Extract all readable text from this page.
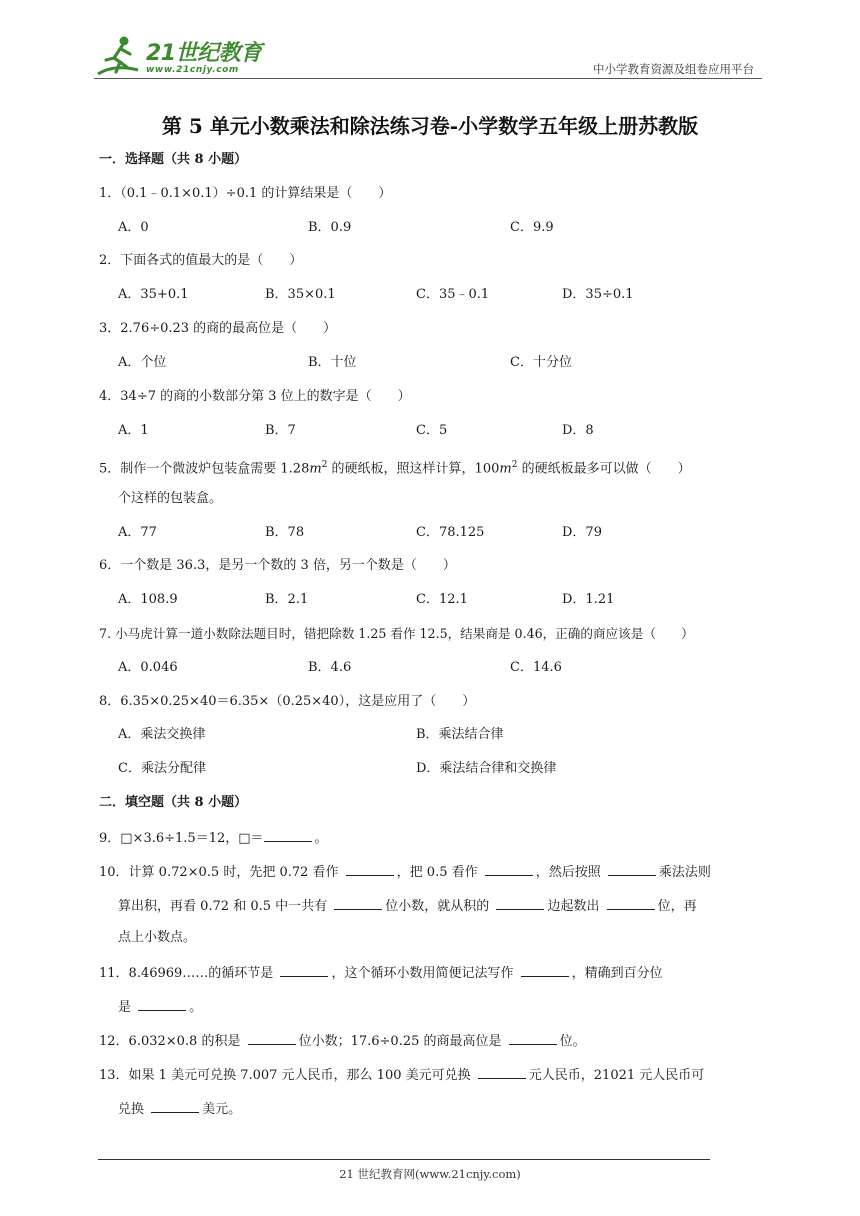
21世纪教育
www.21cnjy.com	中小学教育资源及组卷应用平台
第 5 单元小数乘法和除法练习卷-小学数学五年级上册苏教版
一．选择题（共 8 小题）
1．（0.1﹣0.1×0.1）÷0.1 的计算结果是（　　）
A．0	B．0.9	C．9.9
2．下面各式的值最大的是（　　）
A．35+0.1	B．35×0.1	C．35﹣0.1	D．35÷0.1
3．2.76÷0.23 的商的最高位是（　　）
A．个位	B．十位	C．十分位
4．34÷7 的商的小数部分第 3 位上的数字是（　　）
A．1	B．7	C．5	D．8
5．制作一个微波炉包装盒需要 $1.28m^2$ 的硬纸板，照这样计算，$100m^2$ 的硬纸板最多可以做（　　）
个这样的包装盒。
A．77	B．78	C．78.125	D．79
6．一个数是 36.3，是另一个数的 3 倍，另一个数是（　　）
A．108.9	B．2.1	C．12.1	D．1.21
7. 小马虎计算一道小数除法题目时，错把除数 1.25 看作 12.5，结果商是 0.46，正确的商应该是（　　）
A．0.046	B．4.6	C．14.6
8．6.35×0.25×40＝6.35×（0.25×40），这是应用了（　　）
A．乘法交换律	B．乘法结合律
C．乘法分配律	D．乘法结合律和交换律
二．填空题（共 8 小题）
9．□×3.6÷1.5＝12，□＝	。
10．计算 0.72×0.5 时，先把 0.72 看作	，把 0.5 看作	，然后按照	乘法法则
算出积，再看 0.72 和 0.5 中一共有	位小数，就从积的	边起数出	位，再
点上小数点。
11．8.46969……的循环节是	，这个循环小数用简便记法写作	，精确到百分位
是	。
12．6.032×0.8 的积是	位小数；17.6÷0.25 的商最高位是	位。
13．如果 1 美元可兑换 7.007 元人民币，那么 100 美元可兑换	元人民币，21021 元人民币可
兑换	美元。
21 世纪教育网(www.21cnjy.com)
